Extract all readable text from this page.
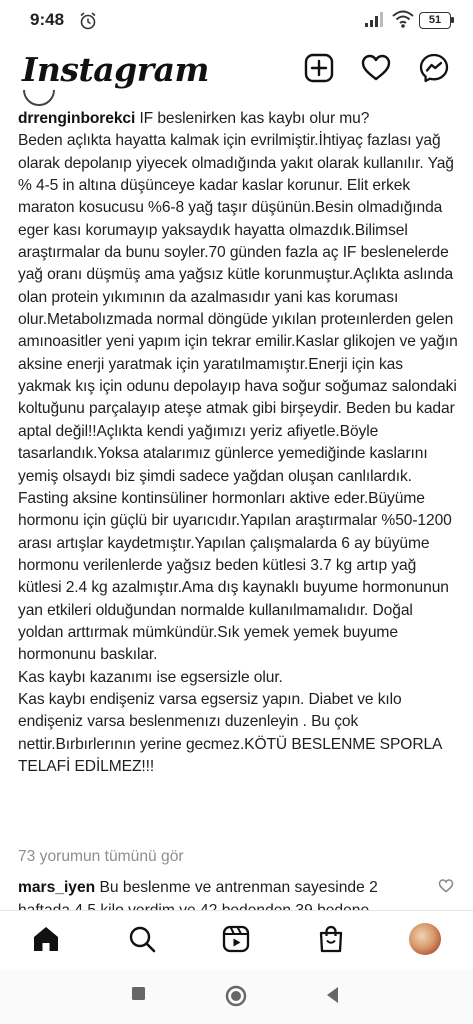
9:48	51
Instagram
drrenginborekci IF beslenirken kas kaybı olur mu?
Beden açlıkta hayatta kalmak için evrilmiştir.İhtiyaç fazlası yağ olarak depolanıp yiyecek olmadığında yakıt olarak kullanılır. Yağ % 4-5 in altına düşünceye kadar kaslar korunur. Elit erkek maraton kosucusu %6-8 yağ taşır düşünün.Besin olmadığında eger kası korumayıp yaksaydık hayatta olmazdık.Bilimsel araştırmalar da bunu soyler.70 günden fazla aç IF beslenelerde yağ oranı düşmüş ama yağsız kütle korunmuştur.Açlıkta aslında olan protein yıkımının da azalmasıdır yani kas koruması olur.Metabolızmada normal döngüde yıkılan proteınlerden gelen amınoasitler yeni yapım için tekrar emilir.Kaslar glikojen ve yağın aksine enerji yaratmak için yaratılmamıştır.Enerji için kas yakmak kış için odunu depolayıp hava soğur soğumaz salondaki koltuğunu parçalayıp ateşe atmak gibi birşeydir. Beden bu kadar aptal değil!!Açlıkta kendi yağımızı yeriz afiyetle.Böyle tasarlandık.Yoksa atalarımız günlerce yemediğinde kaslarını yemiş olsaydı biz şimdi sadece yağdan oluşan canlılardık.
Fasting aksine kontinsüliner hormonları aktive eder.Büyüme hormonu için güçlü bir uyarıcıdır.Yapılan araştırmalar %50-1200 arası artışlar kaydetmıştır.Yapılan çalışmalarda 6 ay büyüme hormonu verilenlerde yağsız beden kütlesi 3.7 kg artıp yağ kütlesi 2.4 kg azalmıştır.Ama dış kaynaklı buyume hormonunun yan etkileri olduğundan normalde kullanılmamalıdır. Doğal yoldan arttırmak mümkündür.Sık yemek yemek buyume hormonunu baskılar.
Kas kaybı kazanımı ise egsersizle olur.
Kas kaybı endişeniz varsa egsersiz yapın. Diabet ve kılo endişeniz varsa beslenmenızı duzenleyin . Bu çok nettir.Bırbırlerının yerine gecmez.KÖTÜ BESLENME SPORLA TELAFİ EDİLMEZ!!!
73 yorumun tümünü gör
mars_iyen Bu beslenme ve antrenman sayesinde 2
